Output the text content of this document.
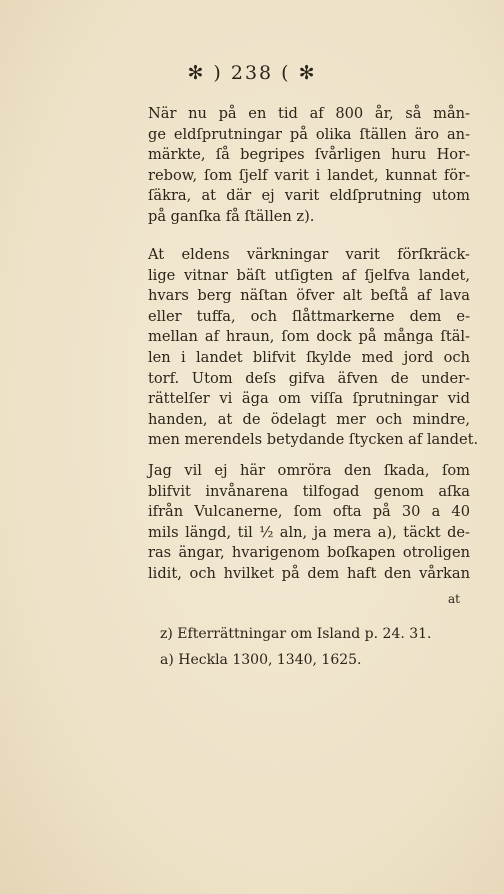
✻ ) 238 ( ✻
När nu på en tid af 800 år, så mån-
ge eldſprutningar på olika ſtällen äro an-
märkte, ſå begripes ſvårligen huru Hor-
rebow, ſom ſjelf varit i landet, kunnat för-
ſäkra, at där ej varit eldſprutning utom
på ganſka få ſtällen z).
At eldens värkningar varit förſkräck-
lige vitnar bäſt utſigten af ſjelfva landet,
hvars berg näſtan öfver alt beſtå af lava
eller tuffa, och ſlåttmarkerne dem e-
mellan af hraun, ſom dock på många ſtäl-
len i landet blifvit ſkylde med jord och
torf. Utom deſs gifva äfven de under-
rättelſer vi äga om viſſa ſprutningar vid
handen, at de ödelagt mer och mindre,
men merendels betydande ſtycken af landet.
Jag vil ej här omröra den ſkada, ſom
blifvit invånarena tilfogad genom aſka
ifrån Vulcanerne, ſom ofta på 30 a 40
mils längd, til ½ aln, ja mera a), täckt de-
ras ängar, hvarigenom boſkapen otroligen
lidit, och hvilket på dem haft den vårkan
at
z) Efterrättningar om Island p. 24. 31.
a) Heckla 1300, 1340, 1625.
